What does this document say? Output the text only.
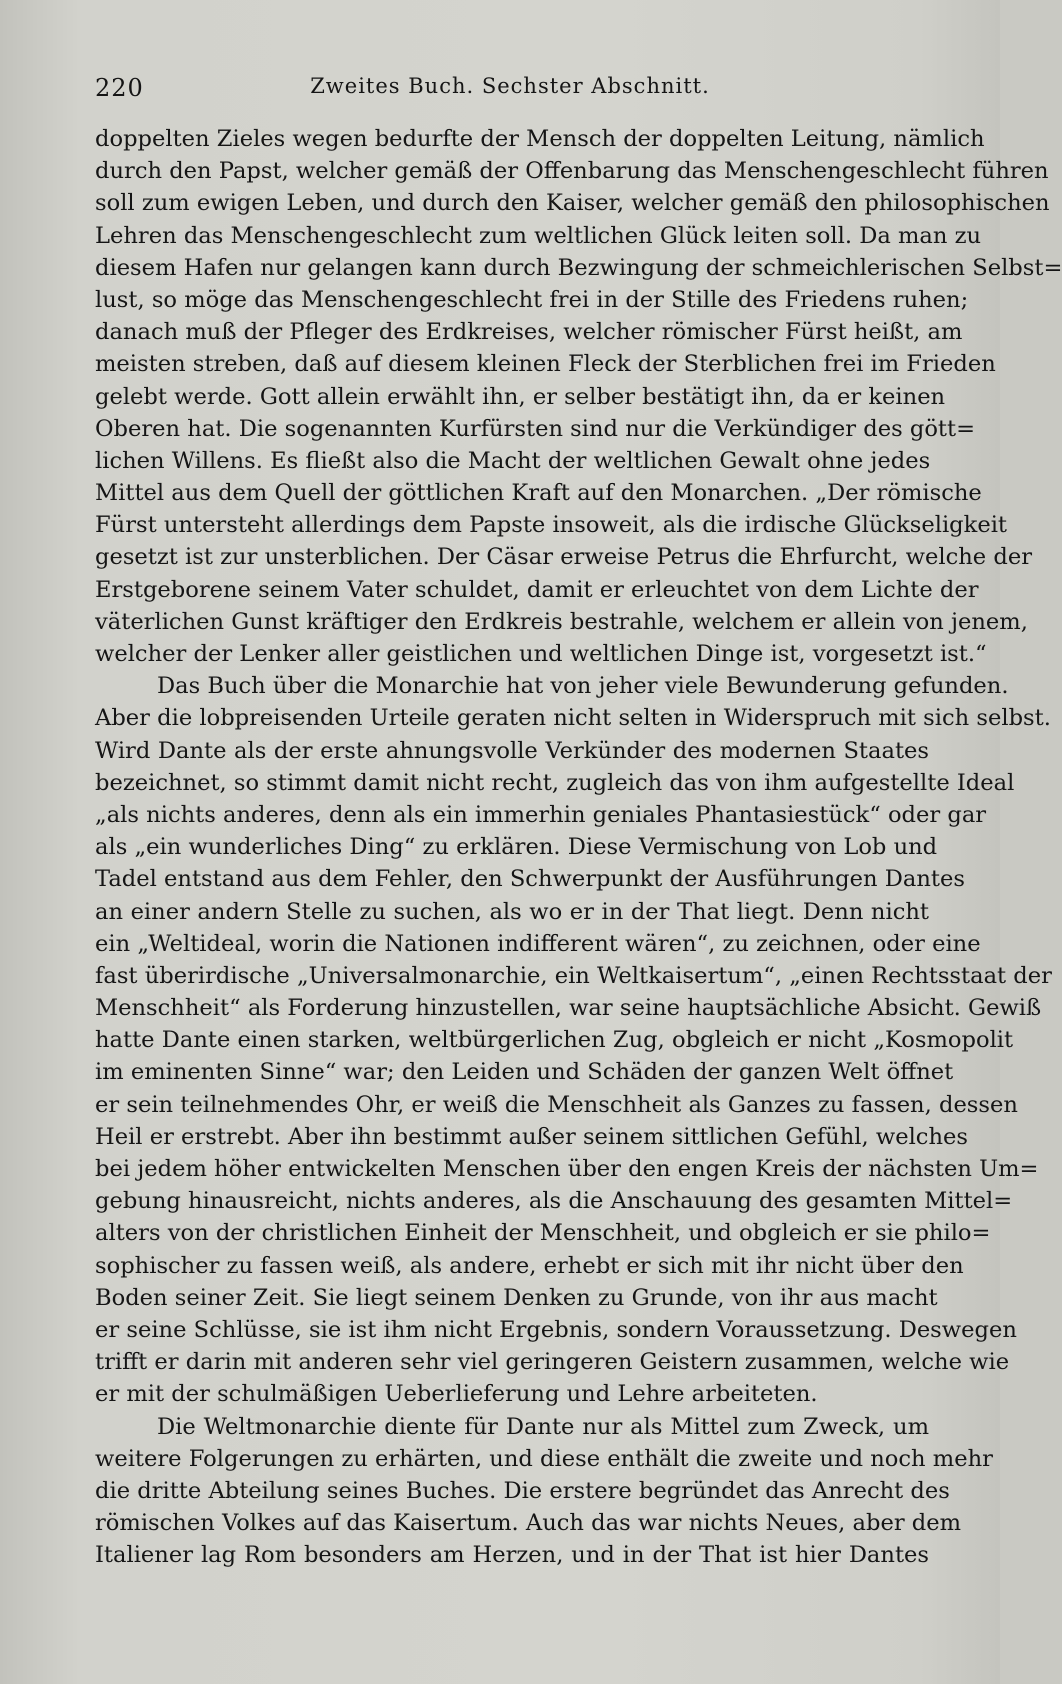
220	Zweites Buch. Sechster Abschnitt.
doppelten Zieles wegen bedurfte der Mensch der doppelten Leitung, nämlich
durch den Papst, welcher gemäß der Offenbarung das Menschengeschlecht führen
soll zum ewigen Leben, und durch den Kaiser, welcher gemäß den philosophischen
Lehren das Menschengeschlecht zum weltlichen Glück leiten soll. Da man zu
diesem Hafen nur gelangen kann durch Bezwingung der schmeichlerischen Selbst=
lust, so möge das Menschengeschlecht frei in der Stille des Friedens ruhen;
danach muß der Pfleger des Erdkreises, welcher römischer Fürst heißt, am
meisten streben, daß auf diesem kleinen Fleck der Sterblichen frei im Frieden
gelebt werde. Gott allein erwählt ihn, er selber bestätigt ihn, da er keinen
Oberen hat. Die sogenannten Kurfürsten sind nur die Verkündiger des gött=
lichen Willens. Es fließt also die Macht der weltlichen Gewalt ohne jedes
Mittel aus dem Quell der göttlichen Kraft auf den Monarchen. „Der römische
Fürst untersteht allerdings dem Papste insoweit, als die irdische Glückseligkeit
gesetzt ist zur unsterblichen. Der Cäsar erweise Petrus die Ehrfurcht, welche der
Erstgeborene seinem Vater schuldet, damit er erleuchtet von dem Lichte der
väterlichen Gunst kräftiger den Erdkreis bestrahle, welchem er allein von jenem,
welcher der Lenker aller geistlichen und weltlichen Dinge ist, vorgesetzt ist.“
Das Buch über die Monarchie hat von jeher viele Bewunderung gefunden.
Aber die lobpreisenden Urteile geraten nicht selten in Widerspruch mit sich selbst.
Wird Dante als der erste ahnungsvolle Verkünder des modernen Staates
bezeichnet, so stimmt damit nicht recht, zugleich das von ihm aufgestellte Ideal
„als nichts anderes, denn als ein immerhin geniales Phantasiestück“ oder gar
als „ein wunderliches Ding“ zu erklären. Diese Vermischung von Lob und
Tadel entstand aus dem Fehler, den Schwerpunkt der Ausführungen Dantes
an einer andern Stelle zu suchen, als wo er in der That liegt. Denn nicht
ein „Weltideal, worin die Nationen indifferent wären“, zu zeichnen, oder eine
fast überirdische „Universalmonarchie, ein Weltkaisertum“, „einen Rechtsstaat der
Menschheit“ als Forderung hinzustellen, war seine hauptsächliche Absicht. Gewiß
hatte Dante einen starken, weltbürgerlichen Zug, obgleich er nicht „Kosmopolit
im eminenten Sinne“ war; den Leiden und Schäden der ganzen Welt öffnet
er sein teilnehmendes Ohr, er weiß die Menschheit als Ganzes zu fassen, dessen
Heil er erstrebt. Aber ihn bestimmt außer seinem sittlichen Gefühl, welches
bei jedem höher entwickelten Menschen über den engen Kreis der nächsten Um=
gebung hinausreicht, nichts anderes, als die Anschauung des gesamten Mittel=
alters von der christlichen Einheit der Menschheit, und obgleich er sie philo=
sophischer zu fassen weiß, als andere, erhebt er sich mit ihr nicht über den
Boden seiner Zeit. Sie liegt seinem Denken zu Grunde, von ihr aus macht
er seine Schlüsse, sie ist ihm nicht Ergebnis, sondern Voraussetzung. Deswegen
trifft er darin mit anderen sehr viel geringeren Geistern zusammen, welche wie
er mit der schulmäßigen Ueberlieferung und Lehre arbeiteten.
Die Weltmonarchie diente für Dante nur als Mittel zum Zweck, um
weitere Folgerungen zu erhärten, und diese enthält die zweite und noch mehr
die dritte Abteilung seines Buches. Die erstere begründet das Anrecht des
römischen Volkes auf das Kaisertum. Auch das war nichts Neues, aber dem
Italiener lag Rom besonders am Herzen, und in der That ist hier Dantes
